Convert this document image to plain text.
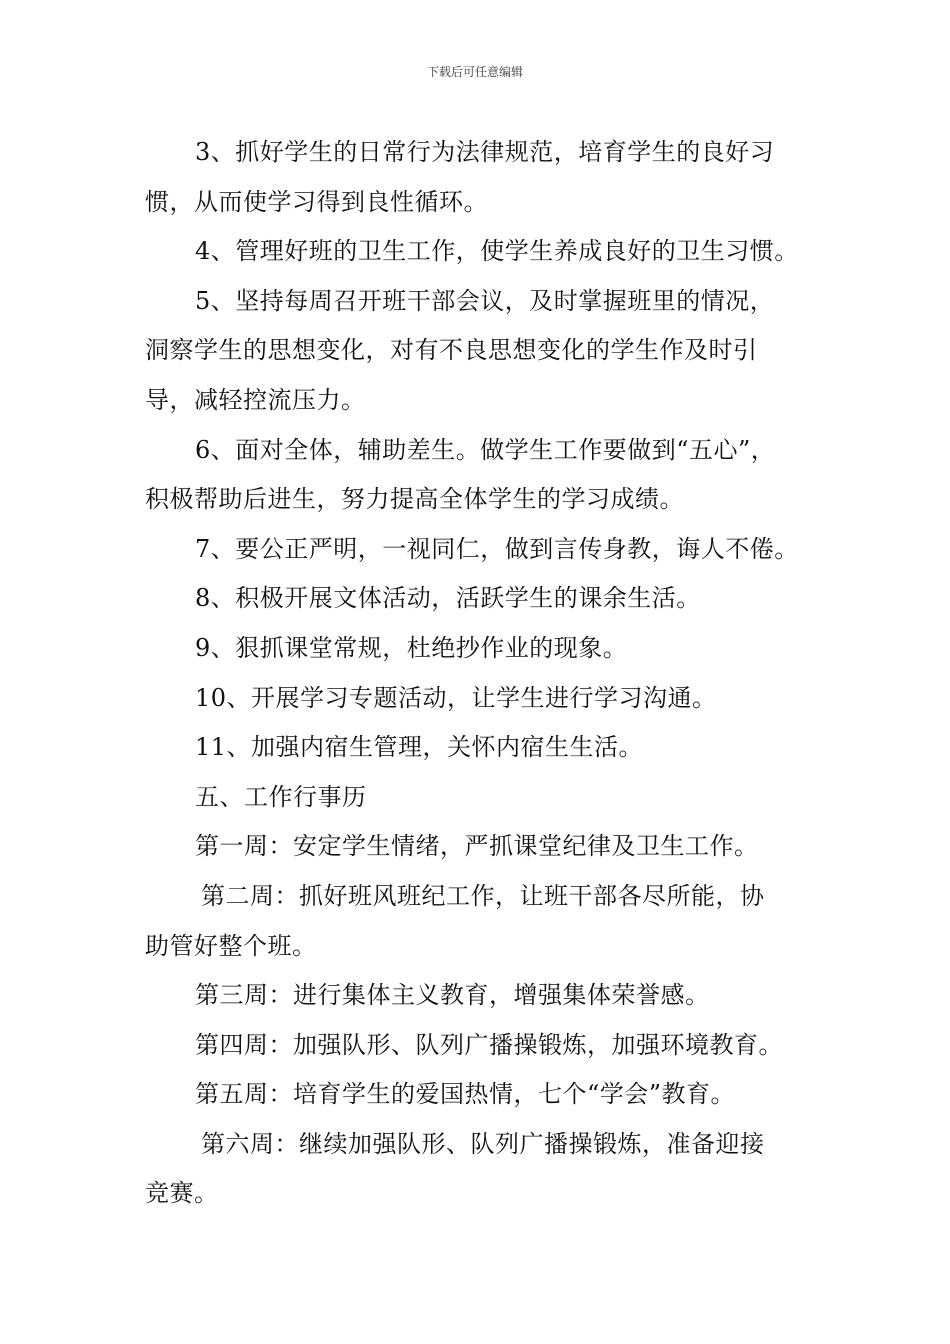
下载后可任意编辑
3、抓好学生的日常行为法律规范，培育学生的良好习
惯，从而使学习得到良性循环。
4、管理好班的卫生工作，使学生养成良好的卫生习惯。
5、坚持每周召开班干部会议，及时掌握班里的情况，
洞察学生的思想变化，对有不良思想变化的学生作及时引
导，减轻控流压力。
6、面对全体，辅助差生。做学生工作要做到“五心”，
积极帮助后进生，努力提高全体学生的学习成绩。
7、要公正严明，一视同仁，做到言传身教，诲人不倦。
8、积极开展文体活动，活跃学生的课余生活。
9、狠抓课堂常规，杜绝抄作业的现象。
10、开展学习专题活动，让学生进行学习沟通。
11、加强内宿生管理，关怀内宿生生活。
五、工作行事历
第一周：安定学生情绪，严抓课堂纪律及卫生工作。
第二周：抓好班风班纪工作，让班干部各尽所能，协
助管好整个班。
第三周：进行集体主义教育，增强集体荣誉感。
第四周：加强队形、队列广播操锻炼，加强环境教育。
第五周：培育学生的爱国热情，七个“学会”教育。
第六周：继续加强队形、队列广播操锻炼，准备迎接
竞赛。
